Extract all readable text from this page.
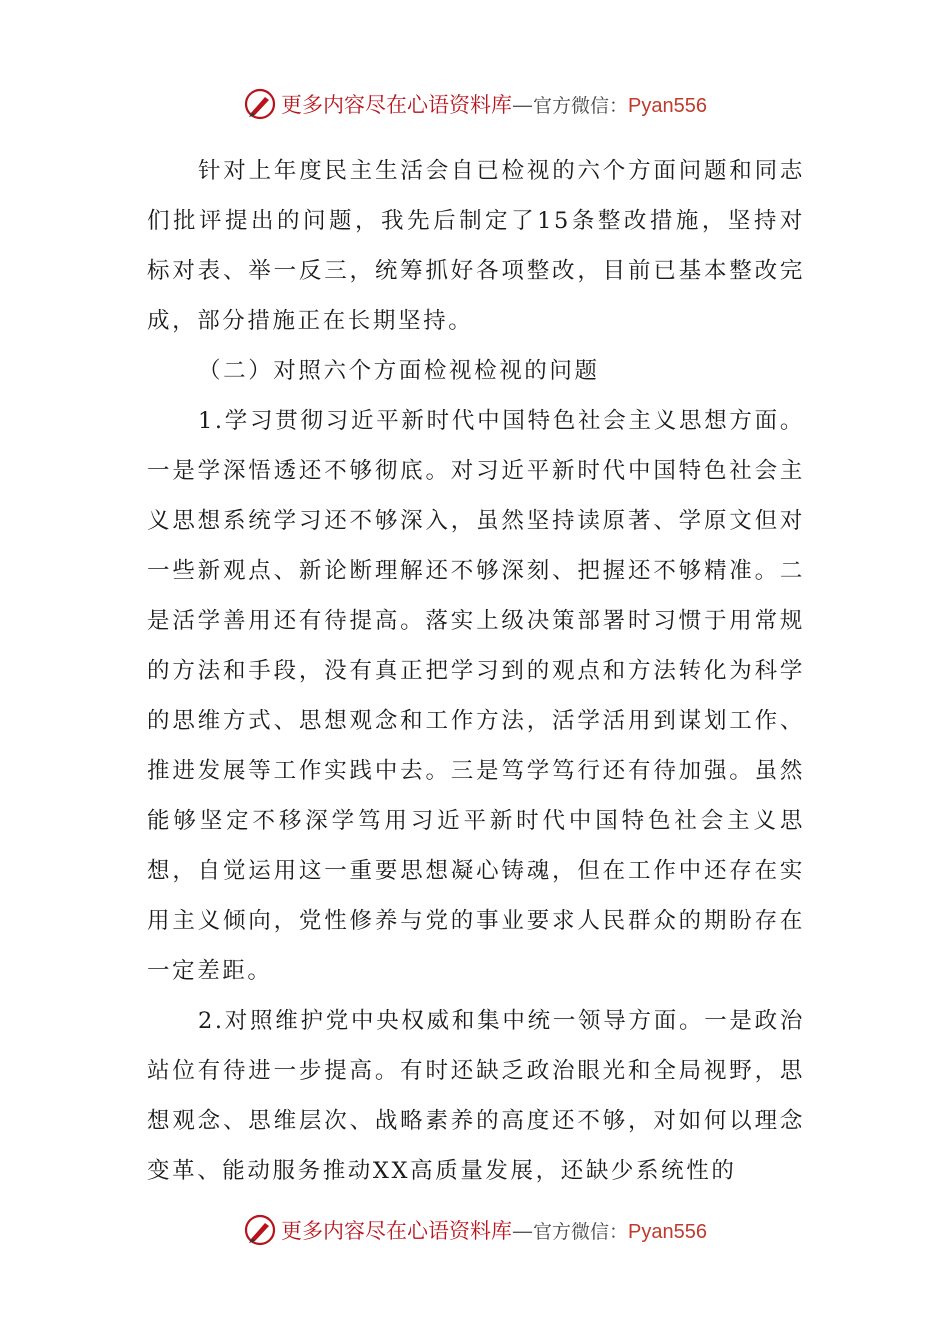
更多内容尽在心语资料库—官方微信：Pyan556

针对上年度民主生活会自已检视的六个方面问题和同志们批评提出的问题，我先后制定了15条整改措施，坚持对标对表、举一反三，统筹抓好各项整改，目前已基本整改完成，部分措施正在长期坚持。

（二）对照六个方面检视检视的问题

1.学习贯彻习近平新时代中国特色社会主义思想方面。一是学深悟透还不够彻底。对习近平新时代中国特色社会主义思想系统学习还不够深入，虽然坚持读原著、学原文但对一些新观点、新论断理解还不够深刻、把握还不够精准。二是活学善用还有待提高。落实上级决策部署时习惯于用常规的方法和手段，没有真正把学习到的观点和方法转化为科学的思维方式、思想观念和工作方法，活学活用到谋划工作、推进发展等工作实践中去。三是笃学笃行还有待加强。虽然能够坚定不移深学笃用习近平新时代中国特色社会主义思想，自觉运用这一重要思想凝心铸魂，但在工作中还存在实用主义倾向，党性修养与党的事业要求人民群众的期盼存在一定差距。

2.对照维护党中央权威和集中统一领导方面。一是政治站位有待进一步提高。有时还缺乏政治眼光和全局视野，思想观念、思维层次、战略素养的高度还不够，对如何以理念变革、能动服务推动XX高质量发展，还缺少系统性的

更多内容尽在心语资料库—官方微信：Pyan556
